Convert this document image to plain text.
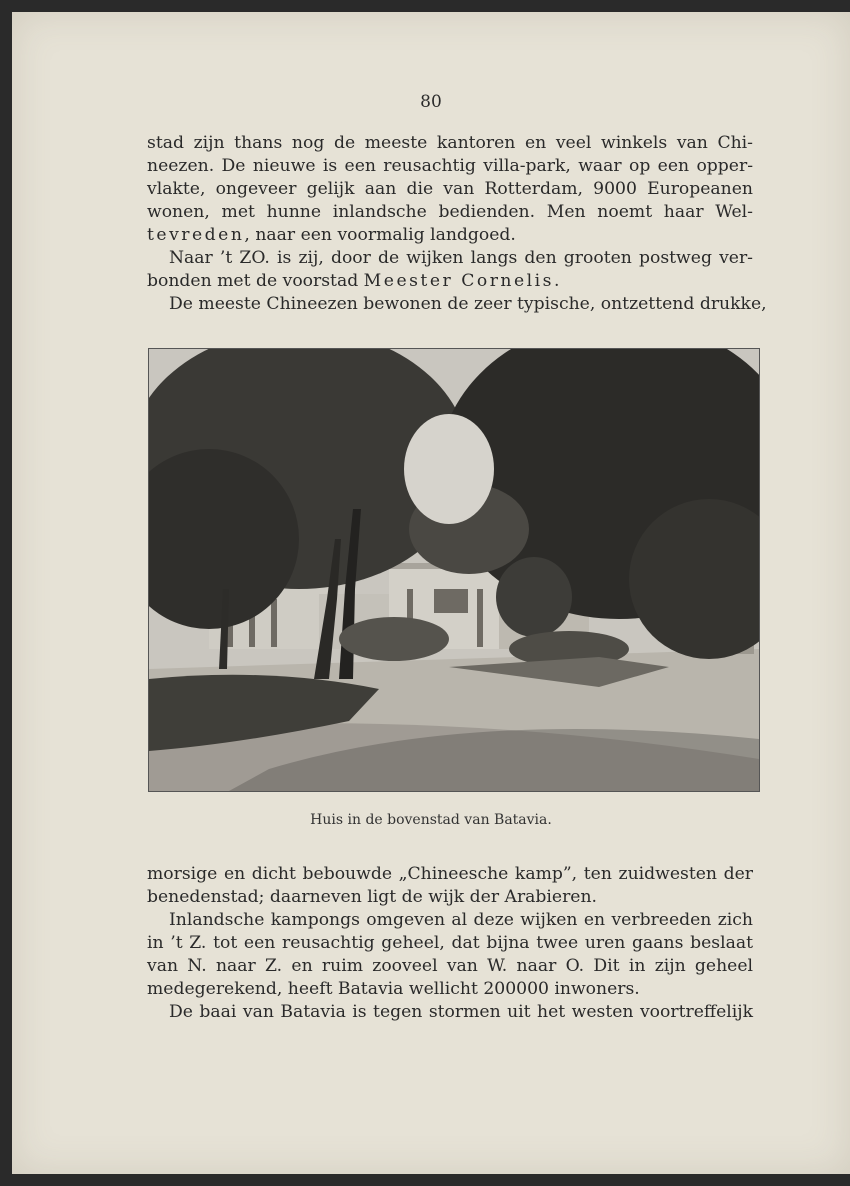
80
stad zijn thans nog de meeste kantoren en veel winkels van Chi-
neezen. De nieuwe is een reusachtig villa-park, waar op een opper-
vlakte, ongeveer gelijk aan die van Rotterdam, 9000 Europeanen
wonen, met hunne inlandsche bedienden. Men noemt haar Wel-
tevreden, naar een voormalig landgoed.
Naar ’t ZO. is zij, door de wijken langs den grooten postweg ver-
bonden met de voorstad Meester Cornelis.
De meeste Chineezen bewonen de zeer typische, ontzettend drukke,
Huis in de bovenstad van Batavia.
morsige en dicht bebouwde „Chineesche kamp”, ten zuidwesten der
benedenstad; daarneven ligt de wijk der Arabieren.
Inlandsche kampongs omgeven al deze wijken en verbreeden zich
in ’t Z. tot een reusachtig geheel, dat bijna twee uren gaans beslaat
van N. naar Z. en ruim zooveel van W. naar O. Dit in zijn geheel
medegerekend, heeft Batavia wellicht 200000 inwoners.
De baai van Batavia is tegen stormen uit het westen voortreffelijk
